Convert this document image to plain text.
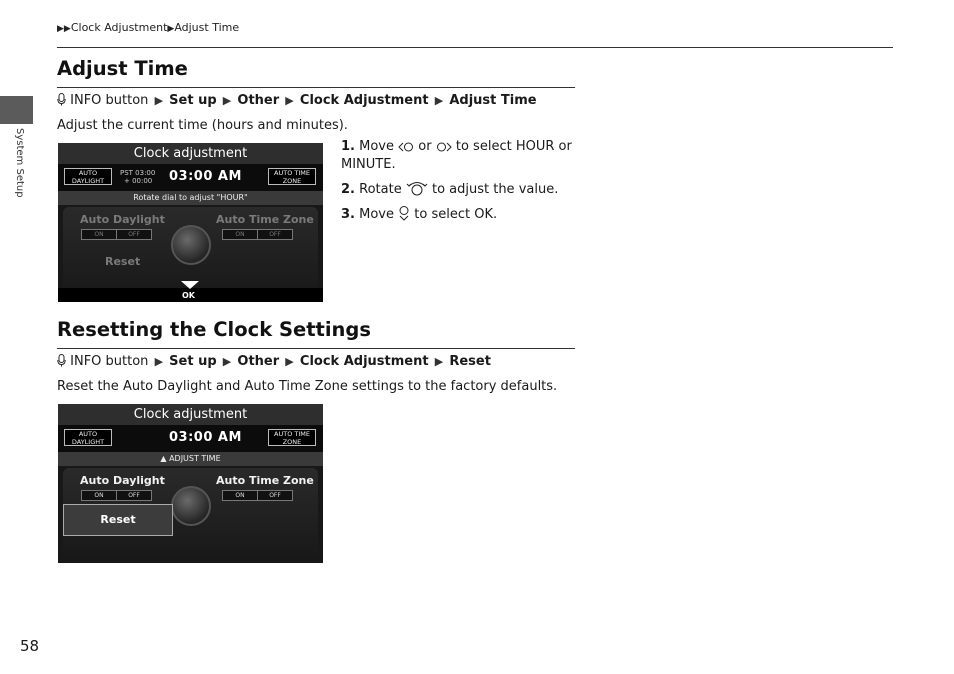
▶▶Clock Adjustment▶Adjust Time
System Setup
58
Adjust Time
INFO button ▶ Set up ▶ Other ▶ Clock Adjustment ▶ Adjust Time
Adjust the current time (hours and minutes).
Clock adjustment
AUTO DAYLIGHT
PST 03:00
+ 00:00 03:00 AM	AUTO TIME ZONE
Rotate dial to adjust "HOUR"
Auto Daylight
ON	OFF
Auto Time Zone
ON	OFF
Reset
OK
1. Move or to select HOUR or MINUTE.
2. Rotate to adjust the value.
3. Move to select OK.
Resetting the Clock Settings
INFO button ▶ Set up ▶ Other ▶ Clock Adjustment ▶ Reset
Reset the Auto Daylight and Auto Time Zone settings to the factory defaults.
Clock adjustment
AUTO DAYLIGHT	03:00 AM	AUTO TIME ZONE
▲ ADJUST TIME
Auto Daylight
ON	OFF
Auto Time Zone
ON	OFF
Reset
